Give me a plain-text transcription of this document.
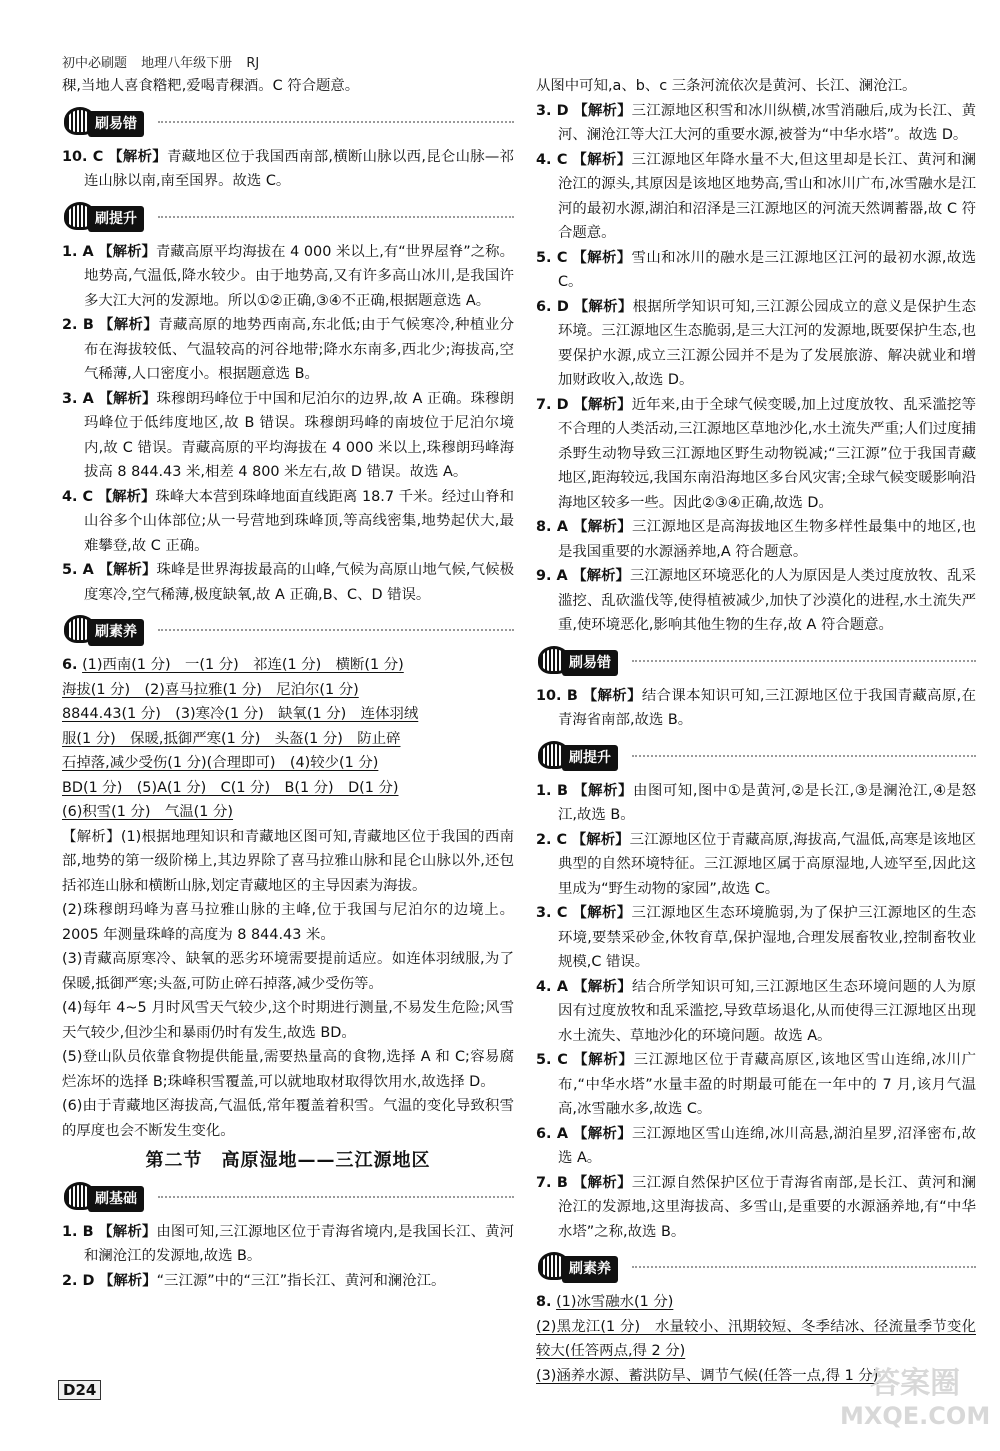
初中必刷题 地理八年级下册 RJ

稞,当地人喜食糌粑,爱喝青稞酒。C 符合题意。

刷易错

10. C 【解析】青藏地区位于我国西南部,横断山脉以西,昆仑山脉—祁连山脉以南,南至国界。故选 C。

刷提升

1. A 【解析】青藏高原平均海拔在 4 000 米以上,有“世界屋脊”之称。地势高,气温低,降水较少。由于地势高,又有许多高山冰川,是我国许多大江大河的发源地。所以①②正确,③④不正确,根据题意选 A。

2. B 【解析】青藏高原的地势西南高,东北低;由于气候寒冷,种植业分布在海拔较低、气温较高的河谷地带;降水东南多,西北少;海拔高,空气稀薄,人口密度小。根据题意选 B。

3. A 【解析】珠穆朗玛峰位于中国和尼泊尔的边界,故 A 正确。珠穆朗玛峰位于低纬度地区,故 B 错误。珠穆朗玛峰的南坡位于尼泊尔境内,故 C 错误。青藏高原的平均海拔在 4 000 米以上,珠穆朗玛峰海拔高 8 844.43 米,相差 4 800 米左右,故 D 错误。故选 A。

4. C 【解析】珠峰大本营到珠峰地面直线距离 18.7 千米。经过山脊和山谷多个山体部位;从一号营地到珠峰顶,等高线密集,地势起伏大,最难攀登,故 C 正确。

5. A 【解析】珠峰是世界海拔最高的山峰,气候为高原山地气候,气候极度寒冷,空气稀薄,极度缺氧,故 A 正确,B、C、D 错误。

刷素养

6. (1)西南(1 分)　一(1 分)　祁连(1 分)　横断(1 分)

海拔(1 分)　(2)喜马拉雅(1 分)　尼泊尔(1 分)

8844.43(1 分)　(3)寒冷(1 分)　缺氧(1 分)　连体羽绒

服(1 分)　保暖,抵御严寒(1 分)　头盔(1 分)　防止碎

石掉落,减少受伤(1 分)(合理即可)　(4)较少(1 分)

BD(1 分)　(5)A(1 分)　C(1 分)　B(1 分)　D(1 分)

(6)积雪(1 分)　气温(1 分)

【解析】(1)根据地理知识和青藏地区图可知,青藏地区位于我国的西南部,地势的第一级阶梯上,其边界除了喜马拉雅山脉和昆仑山脉以外,还包括祁连山脉和横断山脉,划定青藏地区的主导因素为海拔。

(2)珠穆朗玛峰为喜马拉雅山脉的主峰,位于我国与尼泊尔的边境上。2005 年测量珠峰的高度为 8 844.43 米。

(3)青藏高原寒冷、缺氧的恶劣环境需要提前适应。如连体羽绒服,为了保暖,抵御严寒;头盔,可防止碎石掉落,减少受伤等。

(4)每年 4~5 月时风雪天气较少,这个时期进行测量,不易发生危险;风雪天气较少,但沙尘和暴雨仍时有发生,故选 BD。

(5)登山队员依靠食物提供能量,需要热量高的食物,选择 A 和 C;容易腐烂冻坏的选择 B;珠峰积雪覆盖,可以就地取材取得饮用水,故选择 D。

(6)由于青藏地区海拔高,气温低,常年覆盖着积雪。气温的变化导致积雪的厚度也会不断发生变化。

第二节　高原湿地——三江源地区
刷基础

1. B 【解析】由图可知,三江源地区位于青海省境内,是我国长江、黄河和澜沧江的发源地,故选 B。

2. D 【解析】“三江源”中的“三江”指长江、黄河和澜沧江。

从图中可知,a、b、c 三条河流依次是黄河、长江、澜沧江。

3. D 【解析】三江源地区积雪和冰川纵横,冰雪消融后,成为长江、黄河、澜沧江等大江大河的重要水源,被誉为“中华水塔”。故选 D。

4. C 【解析】三江源地区年降水量不大,但这里却是长江、黄河和澜沧江的源头,其原因是该地区地势高,雪山和冰川广布,冰雪融水是江河的最初水源,湖泊和沼泽是三江源地区的河流天然调蓄器,故 C 符合题意。

5. C 【解析】雪山和冰川的融水是三江源地区江河的最初水源,故选 C。

6. D 【解析】根据所学知识可知,三江源公园成立的意义是保护生态环境。三江源地区生态脆弱,是三大江河的发源地,既要保护生态,也要保护水源,成立三江源公园并不是为了发展旅游、解决就业和增加财政收入,故选 D。

7. D 【解析】近年来,由于全球气候变暖,加上过度放牧、乱采滥挖等不合理的人类活动,三江源地区草地沙化,水土流失严重;人们过度捕杀野生动物导致三江源地区野生动物锐减;“三江源”位于我国青藏地区,距海较远,我国东南沿海地区多台风灾害;全球气候变暖影响沿海地区较多一些。因此②③④正确,故选 D。

8. A 【解析】三江源地区是高海拔地区生物多样性最集中的地区,也是我国重要的水源涵养地,A 符合题意。

9. A 【解析】三江源地区环境恶化的人为原因是人类过度放牧、乱采滥挖、乱砍滥伐等,使得植被减少,加快了沙漠化的进程,水土流失严重,使环境恶化,影响其他生物的生存,故 A 符合题意。

刷易错

10. B 【解析】结合课本知识可知,三江源地区位于我国青藏高原,在青海省南部,故选 B。

刷提升

1. B 【解析】由图可知,图中①是黄河,②是长江,③是澜沧江,④是怒江,故选 B。

2. C 【解析】三江源地区位于青藏高原,海拔高,气温低,高寒是该地区典型的自然环境特征。三江源地区属于高原湿地,人迹罕至,因此这里成为“野生动物的家园”,故选 C。

3. C 【解析】三江源地区生态环境脆弱,为了保护三江源地区的生态环境,要禁采砂金,休牧育草,保护湿地,合理发展畜牧业,控制畜牧业规模,C 错误。

4. A 【解析】结合所学知识可知,三江源地区生态环境问题的人为原因有过度放牧和乱采滥挖,导致草场退化,从而使得三江源地区出现水土流失、草地沙化的环境问题。故选 A。

5. C 【解析】三江源地区位于青藏高原区,该地区雪山连绵,冰川广布,“中华水塔”水量丰盈的时期最可能在一年中的 7 月,该月气温高,冰雪融水多,故选 C。

6. A 【解析】三江源地区雪山连绵,冰川高悬,湖泊星罗,沼泽密布,故选 A。

7. B 【解析】三江源自然保护区位于青海省南部,是长江、黄河和澜沧江的发源地,这里海拔高、多雪山,是重要的水源涵养地,有“中华水塔”之称,故选 B。

刷素养

8. (1)冰雪融水(1 分)

(2)黑龙江(1 分)　水量较小、汛期较短、冬季结冰、径流量季节变化较大(任答两点,得 2 分)

(3)涵养水源、蓄洪防旱、调节气候(任答一点,得 1 分)

D24	答案圈
MXQE.COM
